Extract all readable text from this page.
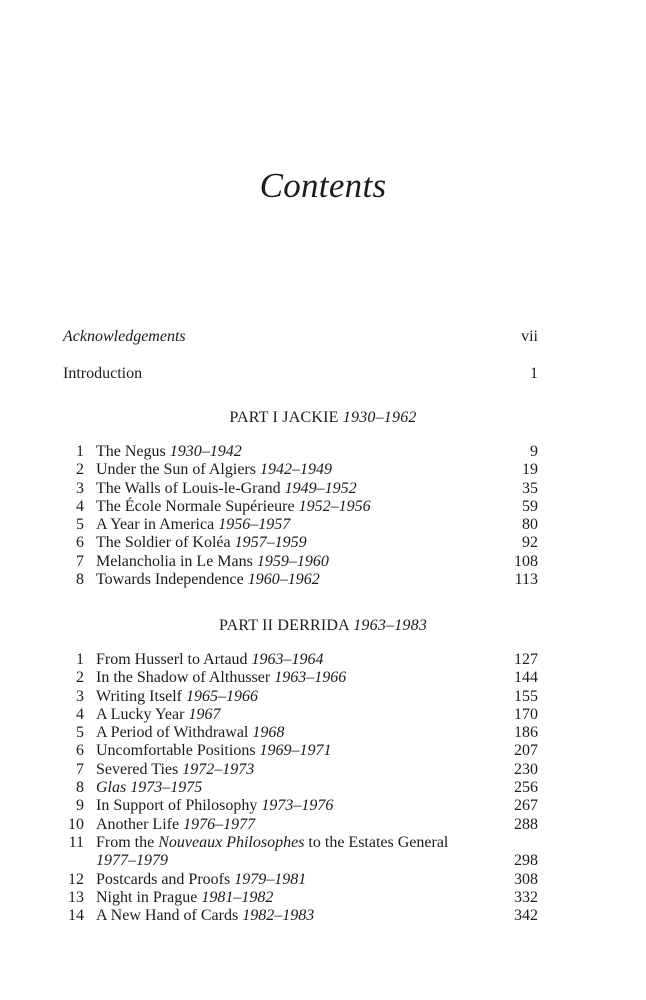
Contents
Acknowledgements	vii
Introduction	1
PART I JACKIE 1930–1962
1 The Negus 1930–1942	9
2 Under the Sun of Algiers 1942–1949	19
3 The Walls of Louis-le-Grand 1949–1952	35
4 The École Normale Supérieure 1952–1956	59
5 A Year in America 1956–1957	80
6 The Soldier of Koléa 1957–1959	92
7 Melancholia in Le Mans 1959–1960	108
8 Towards Independence 1960–1962	113
PART II DERRIDA 1963–1983
1 From Husserl to Artaud 1963–1964	127
2 In the Shadow of Althusser 1963–1966	144
3 Writing Itself 1965–1966	155
4 A Lucky Year 1967	170
5 A Period of Withdrawal 1968	186
6 Uncomfortable Positions 1969–1971	207
7 Severed Ties 1972–1973	230
8 Glas 1973–1975	256
9 In Support of Philosophy 1973–1976	267
10 Another Life 1976–1977	288
11 From the Nouveaux Philosophes to the Estates General
1977–1979	298
12 Postcards and Proofs 1979–1981	308
13 Night in Prague 1981–1982	332
14 A New Hand of Cards 1982–1983	342
